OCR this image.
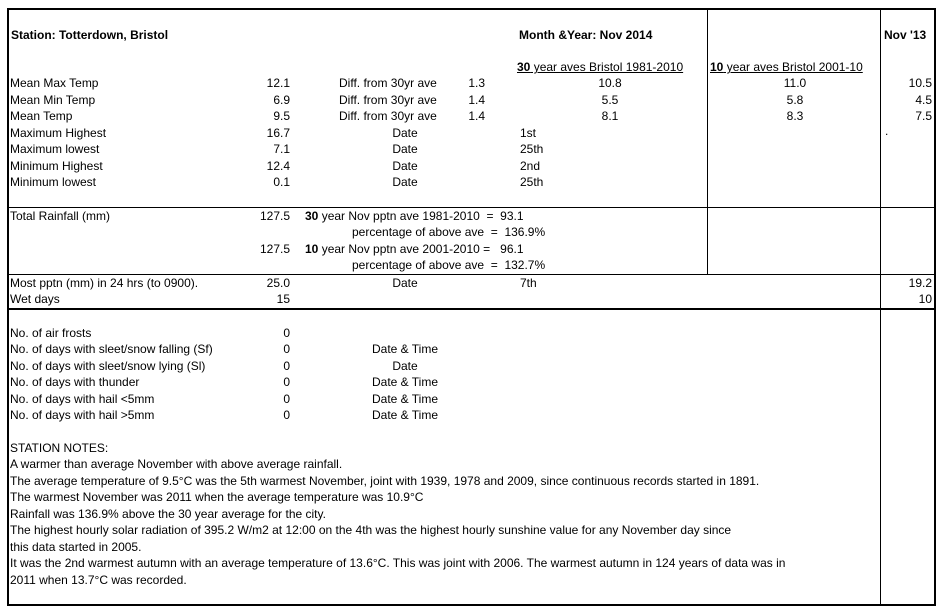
Station: Totterdown, Bristol	Month &Year: Nov 2014	Nov '13
30 year aves Bristol 1981-2010 10 year aves Bristol 2001-10
Mean Max Temp	12.1	Diff. from 30yr ave	1.3	10.8	11.0	10.5
Mean Min Temp	6.9	Diff. from 30yr ave	1.4	5.5	5.8	4.5
Mean Temp	9.5	Diff. from 30yr ave	1.4	8.1	8.3	7.5
Maximum Highest	16.7	Date	1st	.
Maximum lowest	7.1	Date	25th
Minimum Highest	12.4	Date	2nd
Minimum lowest	0.1	Date	25th
Total Rainfall (mm)	127.5 30 year Nov pptn ave 1981-2010  =  93.1
percentage of above ave  =  136.9%
127.5 10 year Nov pptn ave 2001-2010 =   96.1
percentage of above ave  =  132.7%
Most pptn (mm) in 24 hrs (to 0900).	25.0	Date	7th	19.2
Wet days	15	10
No. of air frosts	0
No. of days with sleet/snow falling (Sf)	0	Date & Time
No. of days with sleet/snow lying (Sl)	0	Date
No. of days with thunder	0	Date & Time
No. of days with hail <5mm	0	Date & Time
No. of days with hail >5mm	0	Date & Time
STATION NOTES:
A warmer than average November with above average rainfall.
The average temperature of 9.5°C was the 5th warmest November, joint with 1939, 1978 and 2009, since continuous records started in 1891.
The warmest November was 2011 when the average temperature was 10.9°C
Rainfall was 136.9% above the 30 year average for the city.
The highest hourly solar radiation of 395.2 W/m2 at 12:00 on the 4th was the highest hourly sunshine value for any November day since
this data started in 2005.
It was the 2nd warmest autumn with an average temperature of 13.6°C. This was joint with 2006. The warmest autumn in 124 years of data was in
2011 when 13.7°C was recorded.
